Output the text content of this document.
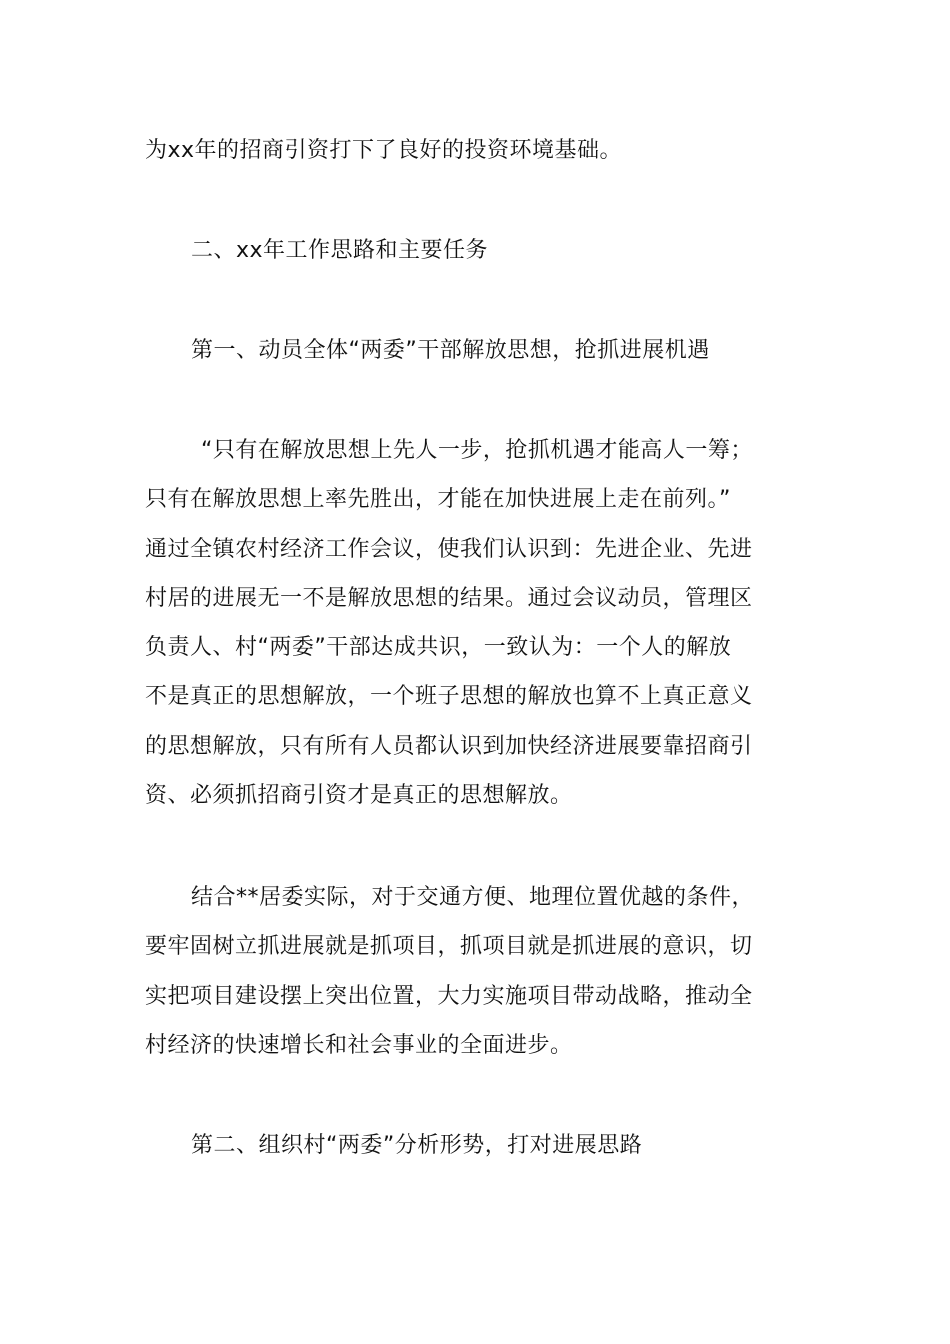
为xx年的招商引资打下了良好的投资环境基础。

二、xx年工作思路和主要任务

第一、动员全体“两委”干部解放思想，抢抓进展机遇

“只有在解放思想上先人一步，抢抓机遇才能高人一筹；
只有在解放思想上率先胜出，才能在加快进展上走在前列。”
通过全镇农村经济工作会议，使我们认识到：先进企业、先进
村居的进展无一不是解放思想的结果。通过会议动员，管理区
负责人、村“两委”干部达成共识，一致认为：一个人的解放
不是真正的思想解放，一个班子思想的解放也算不上真正意义
的思想解放，只有所有人员都认识到加快经济进展要靠招商引
资、必须抓招商引资才是真正的思想解放。

结合**居委实际，对于交通方便、地理位置优越的条件，
要牢固树立抓进展就是抓项目，抓项目就是抓进展的意识，切
实把项目建设摆上突出位置，大力实施项目带动战略，推动全
村经济的快速增长和社会事业的全面进步。

第二、组织村“两委”分析形势，打对进展思路
